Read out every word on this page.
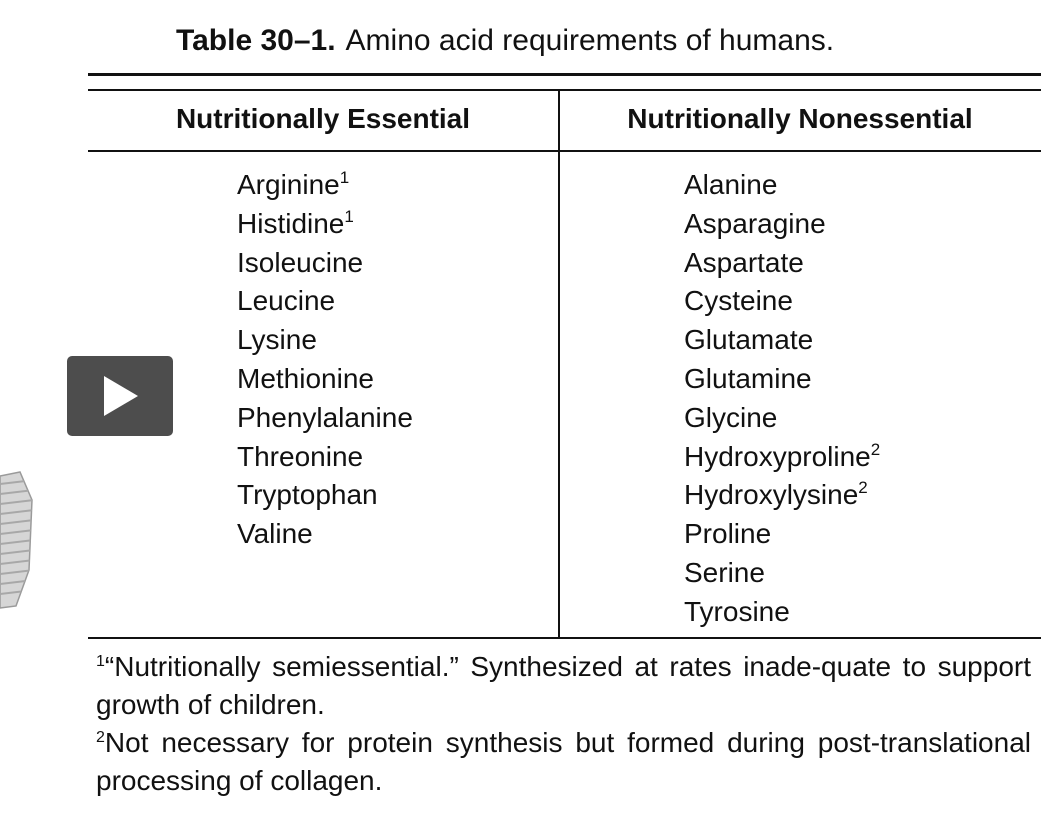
Table 30–1. Amino acid requirements of humans.
Nutritionally Essential	Nutritionally Nonessential
Arginine$^1$
Histidine$^1$
Isoleucine
Leucine
Lysine
Methionine
Phenylalanine
Threonine
Tryptophan
Valine
Alanine
Asparagine
Aspartate
Cysteine
Glutamate
Glutamine
Glycine
Hydroxyproline$^2$
Hydroxylysine$^2$
Proline
Serine
Tyrosine
$^1$“Nutritionally semiessential.” Synthesized at rates inade-quate to support growth of children.
$^2$Not necessary for protein synthesis but formed during post-translational processing of collagen.
